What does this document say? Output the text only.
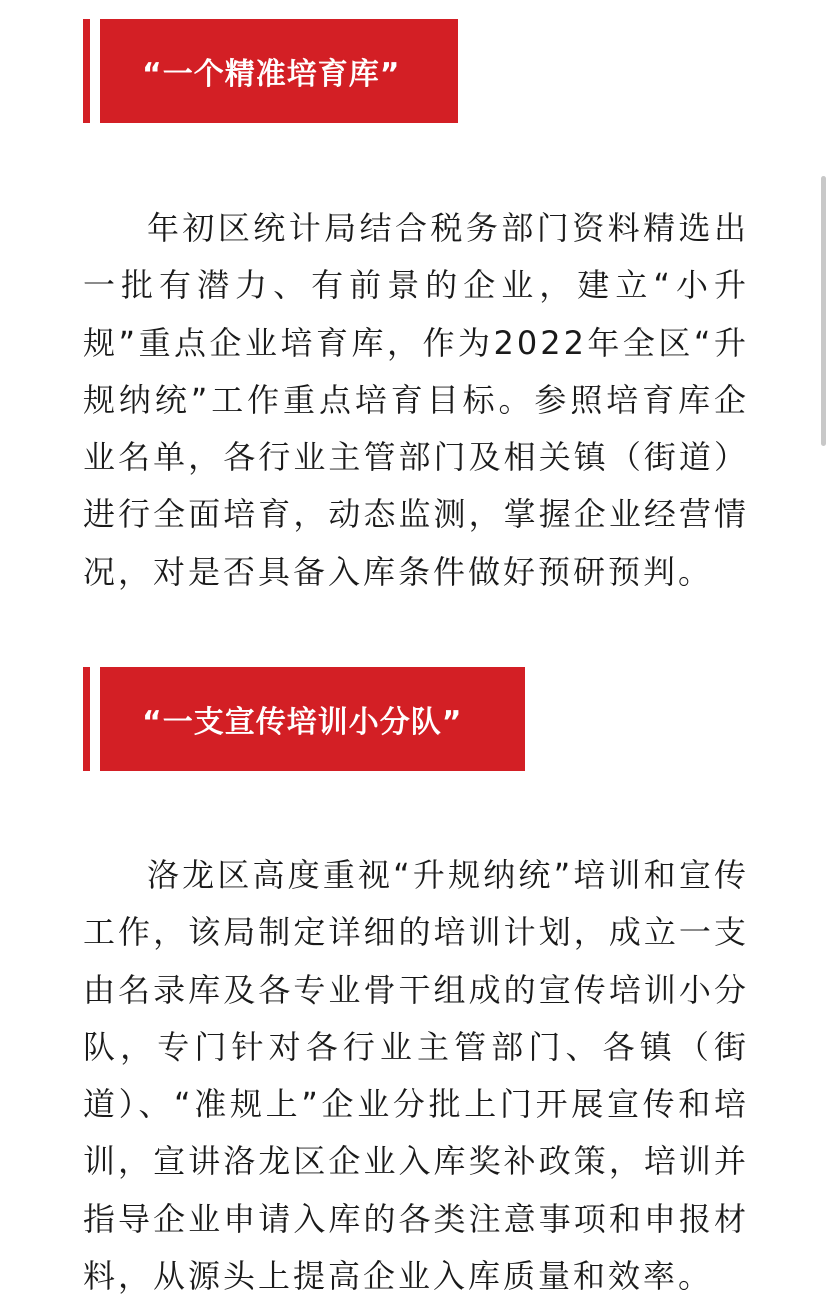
“一个精准培育库”

年初区统计局结合税务部门资料精选出一批有潜力、有前景的企业，建立“小升规”重点企业培育库，作为2022年全区“升规纳统”工作重点培育目标。参照培育库企业名单，各行业主管部门及相关镇（街道）进行全面培育，动态监测，掌握企业经营情况，对是否具备入库条件做好预研预判。

“一支宣传培训小分队”

洛龙区高度重视“升规纳统”培训和宣传工作，该局制定详细的培训计划，成立一支由名录库及各专业骨干组成的宣传培训小分队，专门针对各行业主管部门、各镇（街道）、“准规上”企业分批上门开展宣传和培训，宣讲洛龙区企业入库奖补政策，培训并指导企业申请入库的各类注意事项和申报材料，从源头上提高企业入库质量和效率。
